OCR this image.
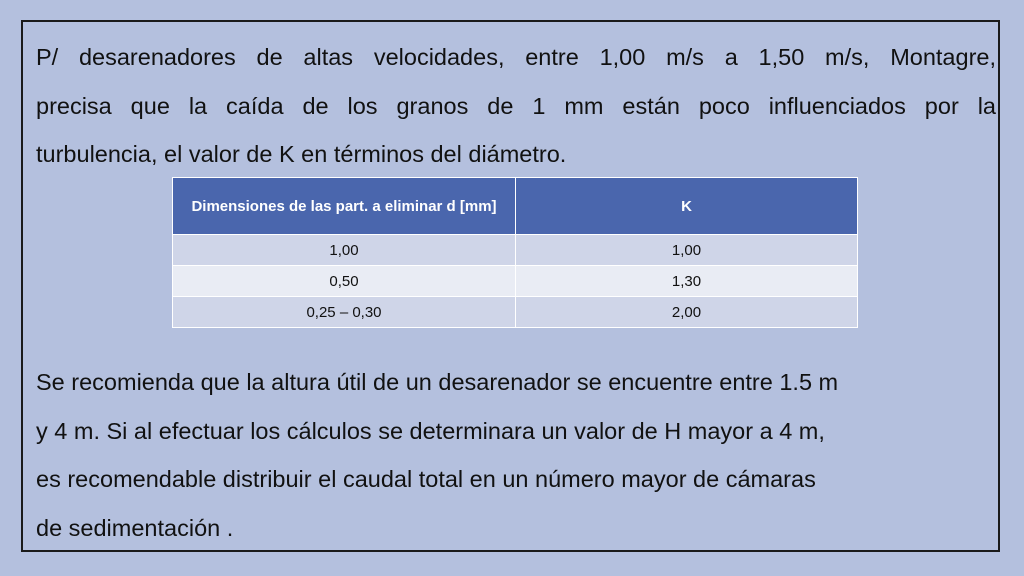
P/ desarenadores de altas velocidades, entre 1,00 m/s a 1,50 m/s, Montagre,
precisa que la caída de los granos de 1 mm están poco influenciados por la
turbulencia, el valor de K en términos del diámetro.

Dimensiones de las part. a eliminar d [mm]	K
1,00	1,00
0,50	1,30
0,25 – 0,30	2,00

Se recomienda que la altura útil de un desarenador se encuentre entre 1.5 m
y 4 m. Si al efectuar los cálculos se determinara un valor de H mayor a 4 m,
es recomendable distribuir el caudal total en un número mayor de cámaras
de sedimentación .
